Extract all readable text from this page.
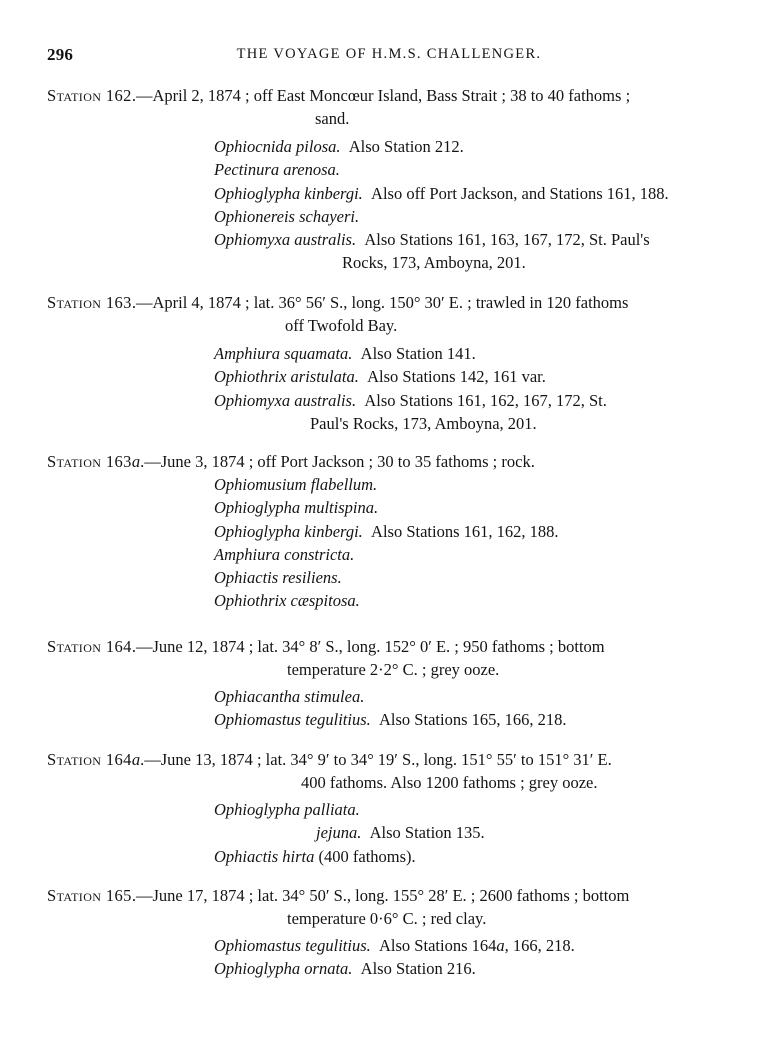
296	THE VOYAGE OF H.M.S. CHALLENGER.
Station 162.—April 2, 1874 ; off East Moncœur Island, Bass Strait ; 38 to 40 fathoms ;
sand.
Ophiocnida pilosa. Also Station 212.
Pectinura arenosa.
Ophioglypha kinbergi. Also off Port Jackson, and Stations 161, 188.
Ophionereis schayeri.
Ophiomyxa australis. Also Stations 161, 163, 167, 172, St. Paul's
Rocks, 173, Amboyna, 201.
Station 163.—April 4, 1874 ; lat. 36° 56′ S., long. 150° 30′ E. ; trawled in 120 fathoms
off Twofold Bay.
Amphiura squamata. Also Station 141.
Ophiothrix aristulata. Also Stations 142, 161 var.
Ophiomyxa australis. Also Stations 161, 162, 167, 172, St.
Paul's Rocks, 173, Amboyna, 201.
Station 163a.—June 3, 1874 ; off Port Jackson ; 30 to 35 fathoms ; rock.
Ophiomusium flabellum.
Ophioglypha multispina.
Ophioglypha kinbergi. Also Stations 161, 162, 188.
Amphiura constricta.
Ophiactis resiliens.
Ophiothrix cæspitosa.
Station 164.—June 12, 1874 ; lat. 34° 8′ S., long. 152° 0′ E. ; 950 fathoms ; bottom
temperature 2·2° C. ; grey ooze.
Ophiacantha stimulea.
Ophiomastus tegulitius. Also Stations 165, 166, 218.
Station 164a.—June 13, 1874 ; lat. 34° 9′ to 34° 19′ S., long. 151° 55′ to 151° 31′ E.
400 fathoms. Also 1200 fathoms ; grey ooze.
Ophioglypha palliata.
jejuna. Also Station 135.
Ophiactis hirta (400 fathoms).
Station 165.—June 17, 1874 ; lat. 34° 50′ S., long. 155° 28′ E. ; 2600 fathoms ; bottom
temperature 0·6° C. ; red clay.
Ophiomastus tegulitius. Also Stations 164a, 166, 218.
Ophioglypha ornata. Also Station 216.
